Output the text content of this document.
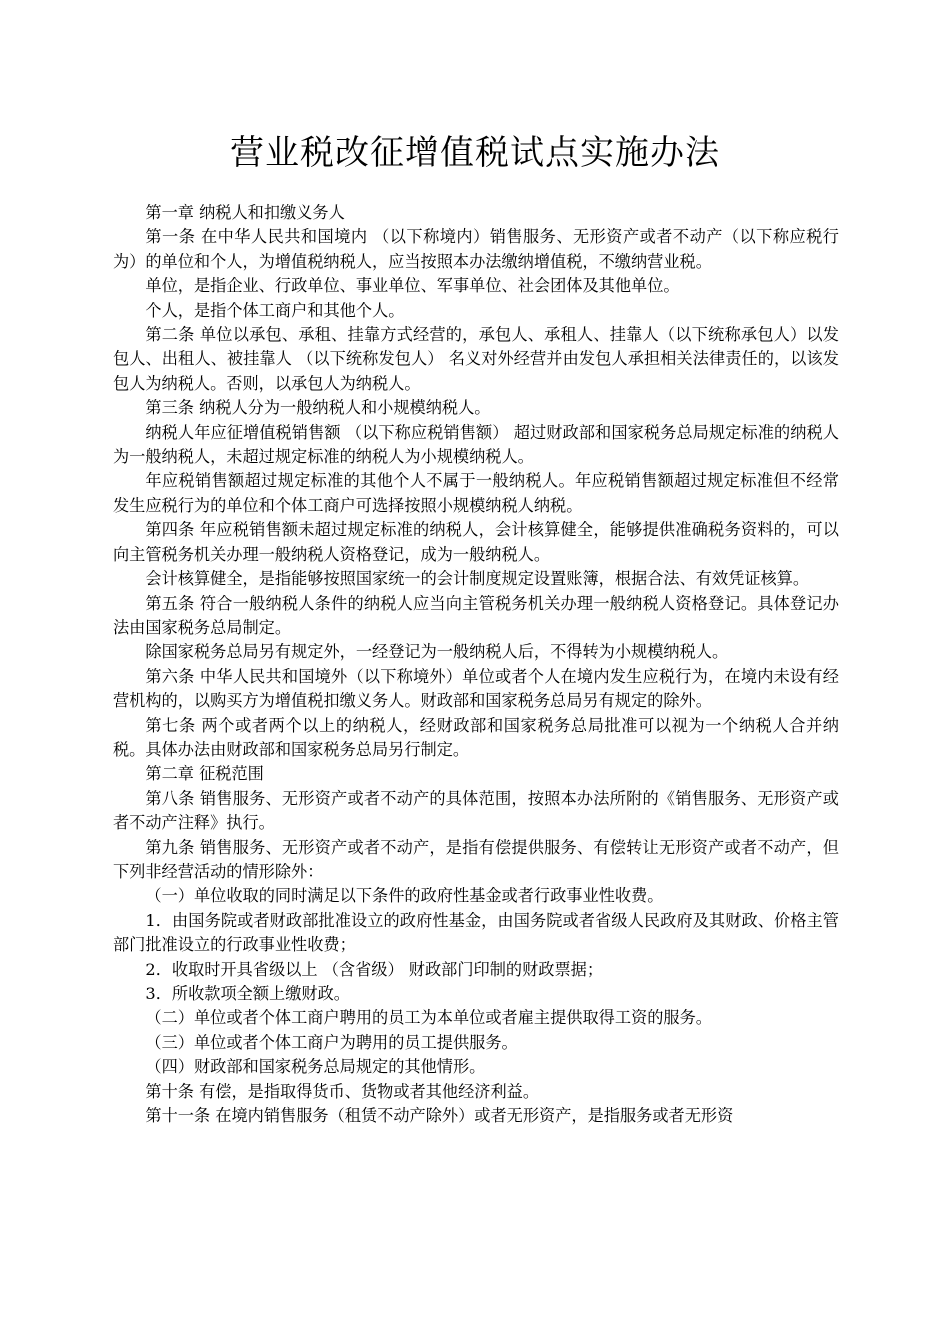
营业税改征增值税试点实施办法

第一章 纳税人和扣缴义务人

第一条 在中华人民共和国境内 （以下称境内）销售服务、无形资产或者不动产（以下称应税行为）的单位和个人，为增值税纳税人，应当按照本办法缴纳增值税，不缴纳营业税。

单位，是指企业、行政单位、事业单位、军事单位、社会团体及其他单位。

个人，是指个体工商户和其他个人。

第二条 单位以承包、承租、挂靠方式经营的，承包人、承租人、挂靠人（以下统称承包人）以发包人、出租人、被挂靠人 （以下统称发包人） 名义对外经营并由发包人承担相关法律责任的，以该发包人为纳税人。否则，以承包人为纳税人。

第三条 纳税人分为一般纳税人和小规模纳税人。

纳税人年应征增值税销售额 （以下称应税销售额） 超过财政部和国家税务总局规定标准的纳税人为一般纳税人，未超过规定标准的纳税人为小规模纳税人。

年应税销售额超过规定标准的其他个人不属于一般纳税人。年应税销售额超过规定标准但不经常发生应税行为的单位和个体工商户可选择按照小规模纳税人纳税。

第四条 年应税销售额未超过规定标准的纳税人，会计核算健全，能够提供准确税务资料的，可以向主管税务机关办理一般纳税人资格登记，成为一般纳税人。

会计核算健全，是指能够按照国家统一的会计制度规定设置账簿，根据合法、有效凭证核算。

第五条 符合一般纳税人条件的纳税人应当向主管税务机关办理一般纳税人资格登记。具体登记办法由国家税务总局制定。

除国家税务总局另有规定外，一经登记为一般纳税人后，不得转为小规模纳税人。

第六条 中华人民共和国境外（以下称境外）单位或者个人在境内发生应税行为，在境内未设有经营机构的，以购买方为增值税扣缴义务人。财政部和国家税务总局另有规定的除外。

第七条 两个或者两个以上的纳税人，经财政部和国家税务总局批准可以视为一个纳税人合并纳税。具体办法由财政部和国家税务总局另行制定。

第二章 征税范围

第八条 销售服务、无形资产或者不动产的具体范围，按照本办法所附的《销售服务、无形资产或者不动产注释》执行。

第九条 销售服务、无形资产或者不动产，是指有偿提供服务、有偿转让无形资产或者不动产，但下列非经营活动的情形除外：

（一）单位收取的同时满足以下条件的政府性基金或者行政事业性收费。

1．由国务院或者财政部批准设立的政府性基金，由国务院或者省级人民政府及其财政、价格主管部门批准设立的行政事业性收费；

2．收取时开具省级以上 （含省级） 财政部门印制的财政票据；

3．所收款项全额上缴财政。

（二）单位或者个体工商户聘用的员工为本单位或者雇主提供取得工资的服务。

（三）单位或者个体工商户为聘用的员工提供服务。

（四）财政部和国家税务总局规定的其他情形。

第十条 有偿，是指取得货币、货物或者其他经济利益。

第十一条 在境内销售服务（租赁不动产除外）或者无形资产，是指服务或者无形资
